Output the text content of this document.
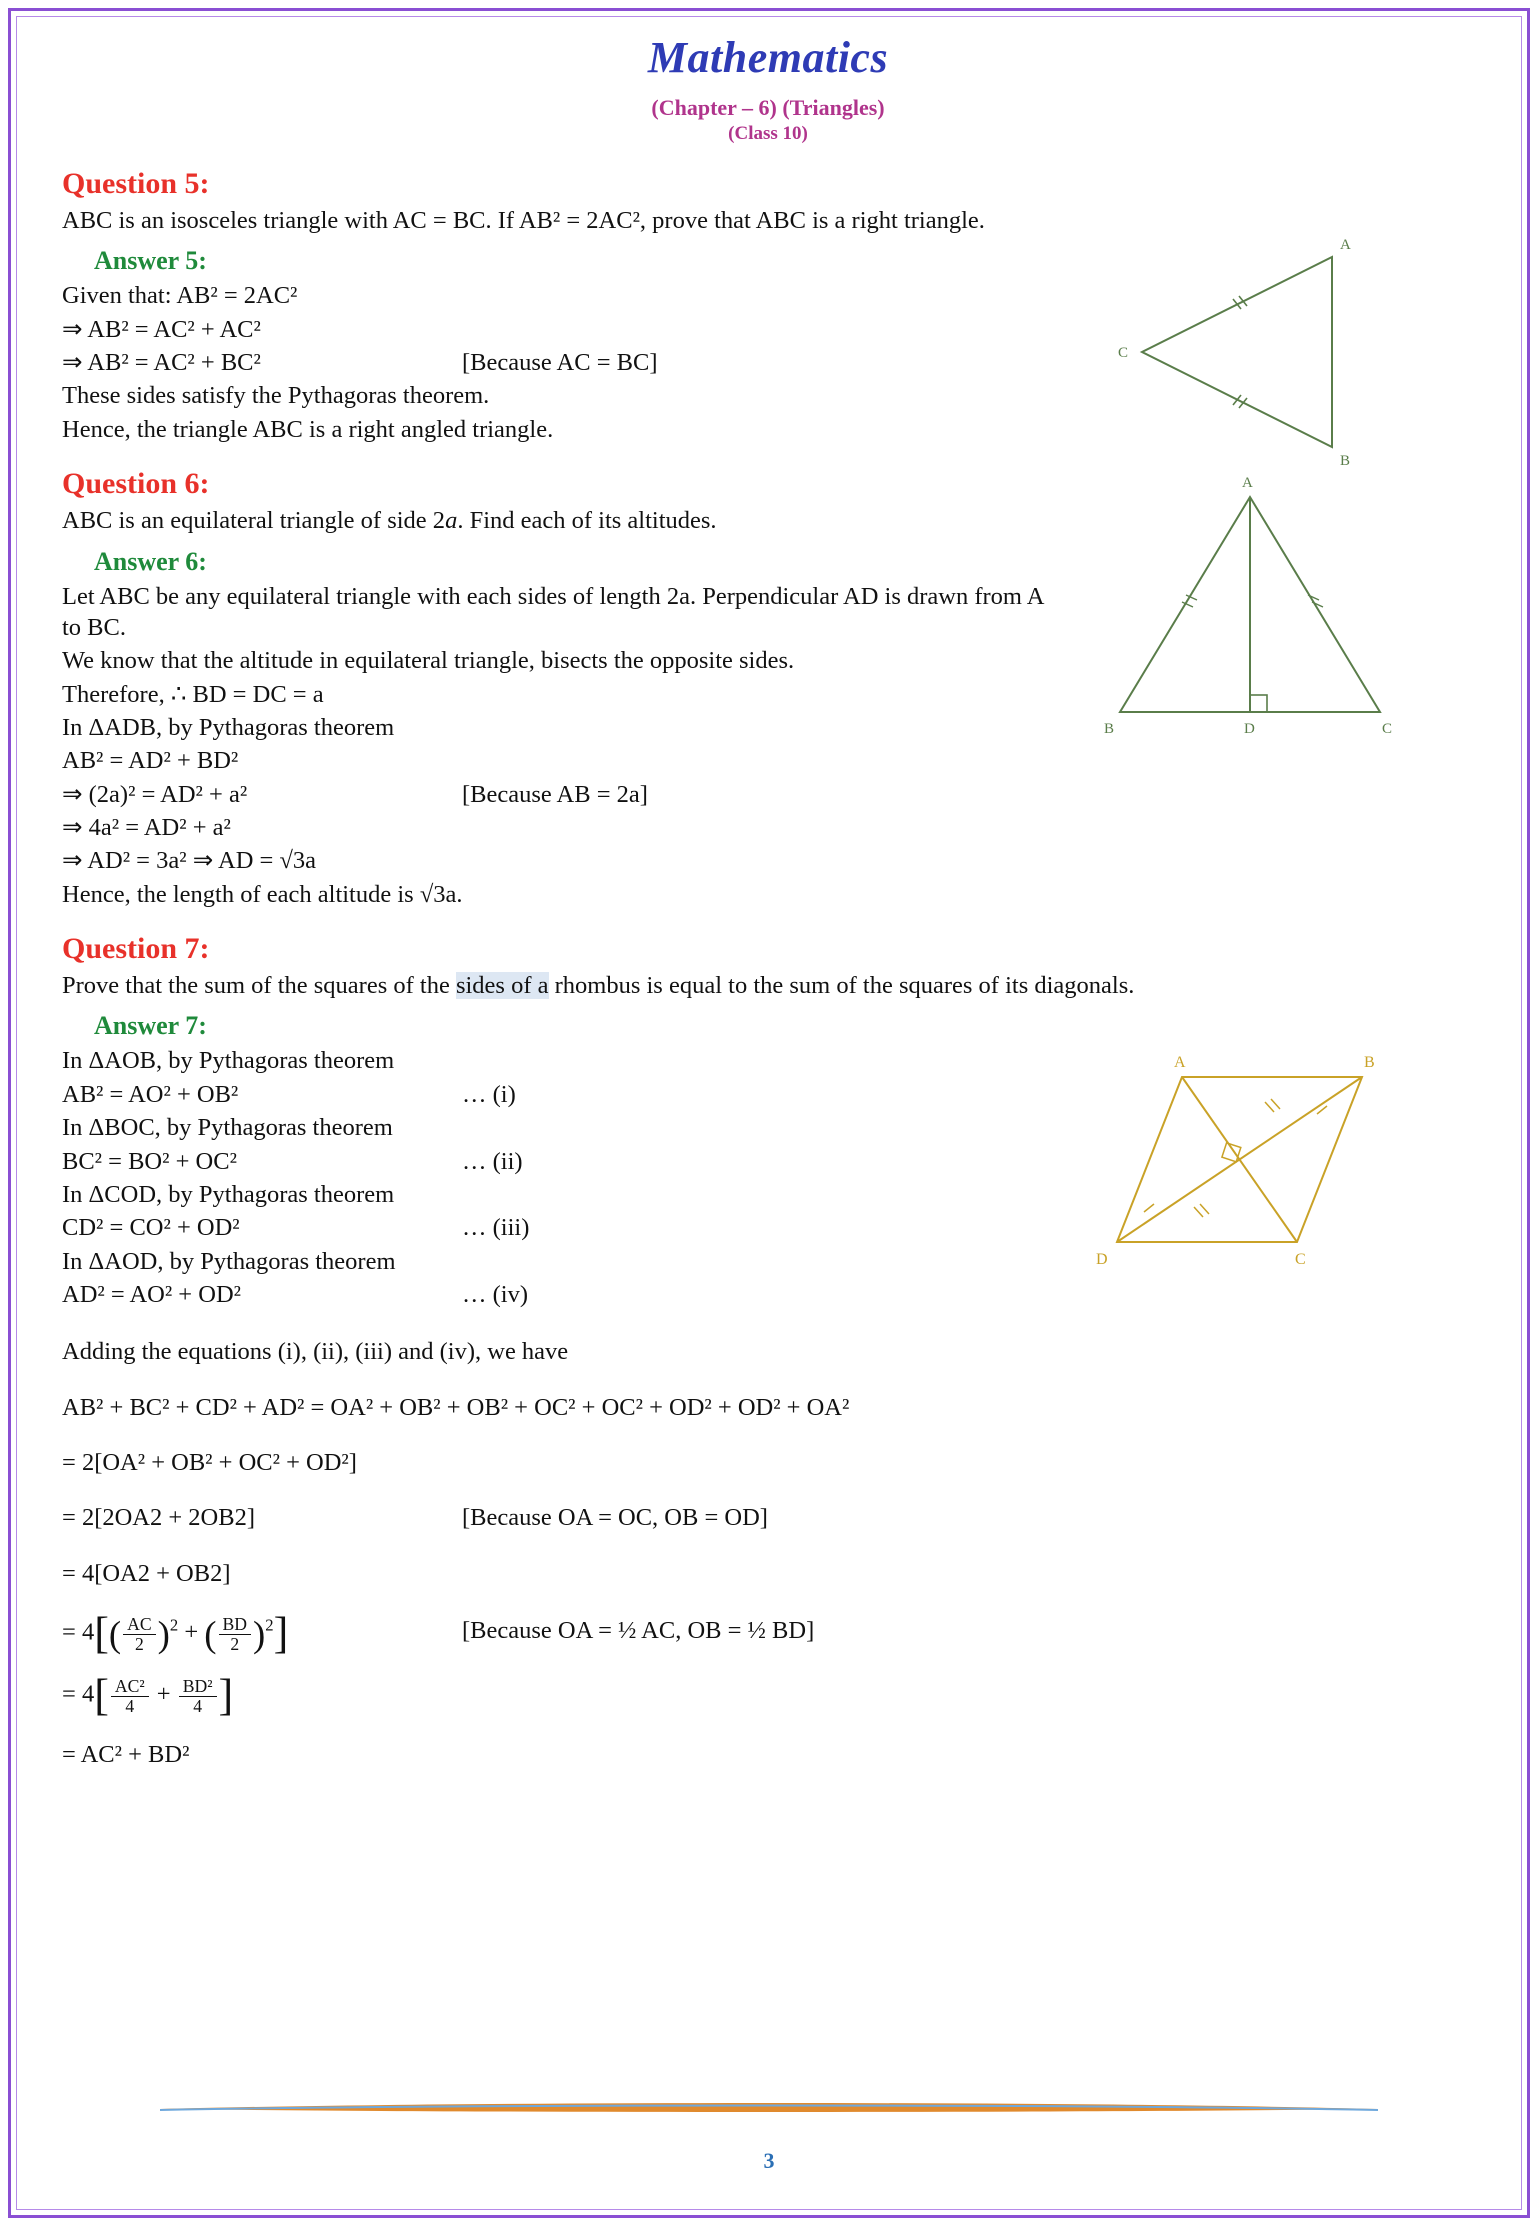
Mathematics
(Chapter – 6) (Triangles)
(Class 10)
Question 5:
ABC is an isosceles triangle with AC = BC. If AB² = 2AC², prove that ABC is a right triangle.
Answer 5:
Given that: AB² = 2AC²
⇒ AB² = AC² + AC²
⇒ AB² = AC² + BC²	[Because AC = BC]
These sides satisfy the Pythagoras theorem.
Hence, the triangle ABC is a right angled triangle.
A
B
C
Question 6:
ABC is an equilateral triangle of side 2a. Find each of its altitudes.
Answer 6:
Let ABC be any equilateral triangle with each sides of length 2a. Perpendicular AD is drawn from A to BC.
We know that the altitude in equilateral triangle, bisects the opposite sides.
Therefore, ∴ BD = DC = a
In ΔADB, by Pythagoras theorem
AB² = AD² + BD²
⇒ (2a)² = AD² + a²	[Because AB = 2a]
⇒ 4a² = AD² + a²
⇒ AD² = 3a² ⇒ AD = √3a
Hence, the length of each altitude is √3a.
A
B	D	C
Question 7:
Prove that the sum of the squares of the sides of a rhombus is equal to the sum of the squares of its diagonals.
Answer 7:
In ΔAOB, by Pythagoras theorem
AB² = AO² + OB²	… (i)
In ΔBOC, by Pythagoras theorem
BC² = BO² + OC²	… (ii)
In ΔCOD, by Pythagoras theorem
CD² = CO² + OD²	… (iii)
In ΔAOD, by Pythagoras theorem
AD² = AO² + OD²	… (iv)
Adding the equations (i), (ii), (iii) and (iv), we have
AB² + BC² + CD² + AD² = OA² + OB² + OB² + OC² + OC² + OD² + OD² + OA²
= 2[OA² + OB² + OC² + OD²]
= 2[2OA2 + 2OB2]	[Because OA = OC, OB = OD]
= 4[OA2 + OB2]
= $4[( \frac{AC}{2} )^2$ + ( $\frac{BD}{2} )^2$]	[Because OA = ½ AC, OB = ½ BD]
= $4[ \frac{\text{AC²}}{4} + \frac{\text{BD²}}{4}$ ]
= AC² + BD²
A	B
C
D
3
